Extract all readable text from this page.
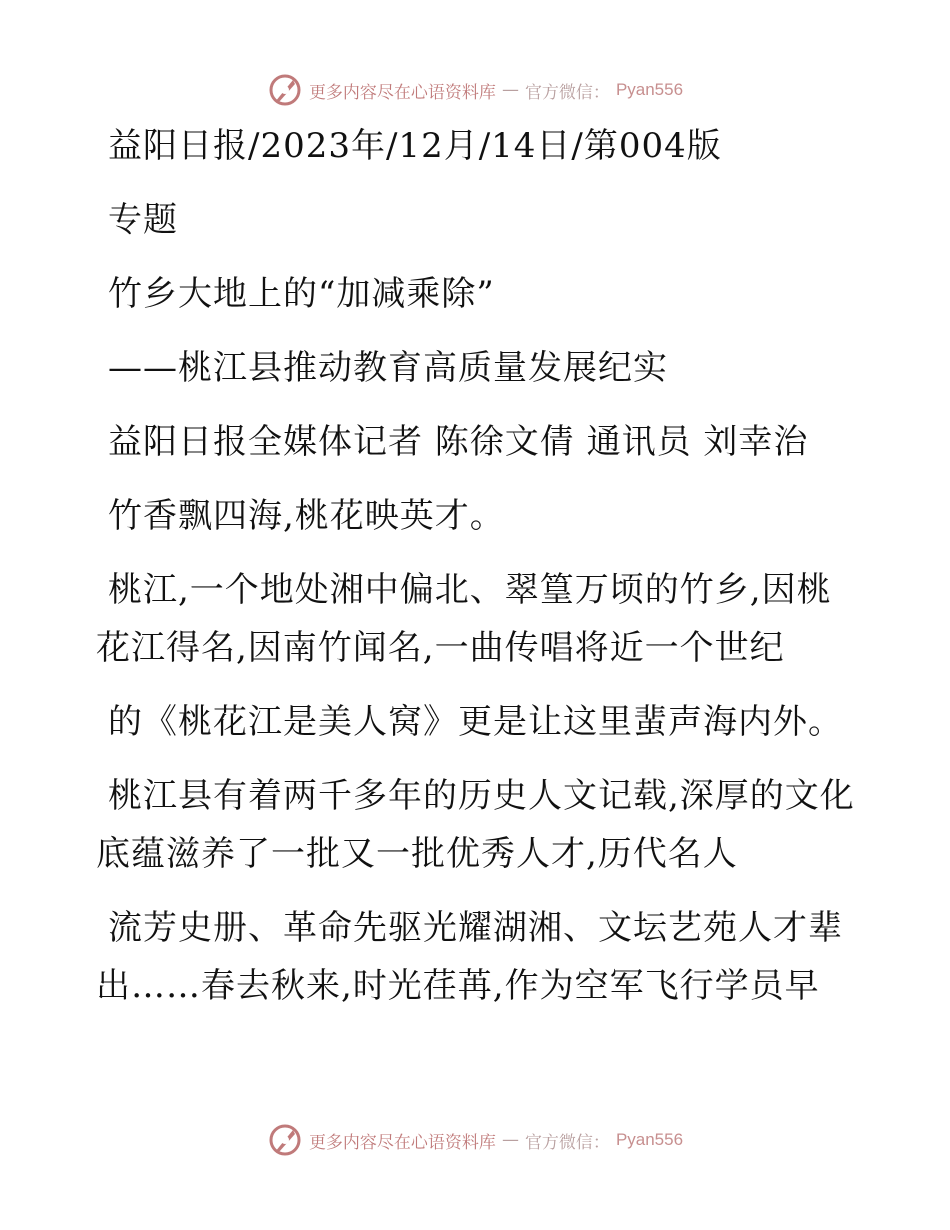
更多内容尽在心语资料库 — 官方微信： Pyan556
益阳日报/2023年/12月/14日/第004版
专题
竹乡大地上的“加减乘除”
——桃江县推动教育高质量发展纪实
益阳日报全媒体记者 陈徐文倩 通讯员 刘幸治
竹香飘四海,桃花映英才。
桃江,一个地处湘中偏北、翠篁万顷的竹乡,因桃
花江得名,因南竹闻名,一曲传唱将近一个世纪
的《桃花江是美人窝》更是让这里蜚声海内外。
桃江县有着两千多年的历史人文记载,深厚的文化
底蕴滋养了一批又一批优秀人才,历代名人
流芳史册、革命先驱光耀湖湘、文坛艺苑人才辈
出……春去秋来,时光荏苒,作为空军飞行学员早
更多内容尽在心语资料库 — 官方微信： Pyan556
